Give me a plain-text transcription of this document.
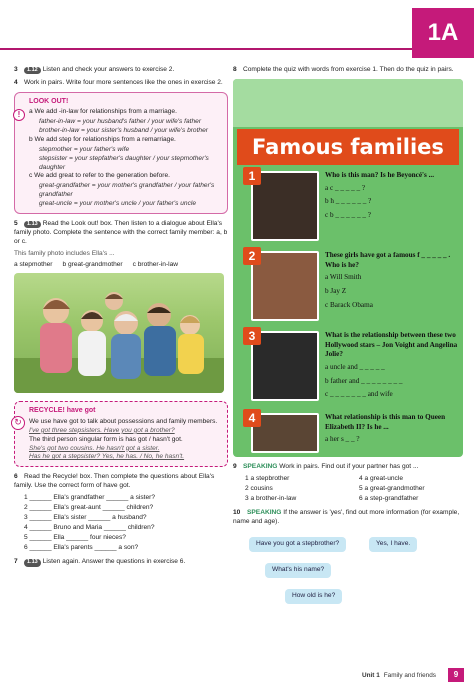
1A
3 1.12 Listen and check your answers to exercise 2.
4 Work in pairs. Write four more sentences like the ones in exercise 2.
!
LOOK OUT!
a We add -in-law for relationships from a marriage.
father-in-law = your husband's father / your wife's father
brother-in-law = your sister's husband / your wife's brother
b We add step for relationships from a remarriage.
stepmother = your father's wife
stepsister = your stepfather's daughter / your stepmother's daughter
c We add great to refer to the generation before.
great-grandfather = your mother's grandfather / your father's grandfather
great-uncle = your mother's uncle / your father's uncle
5 1.13 Read the Look out! box. Then listen to a dialogue about Ella's family photo. Complete the sentence with the correct family member: a, b or c.
This family photo includes Ella's ...
a stepmother b great-grandmother c brother-in-law
↻
RECYCLE! have got
We use have got to talk about possessions and family members.
I've got three stepsisters. Have you got a brother?
The third person singular form is has got / hasn't got.
She's got two cousins. He hasn't got a sister.
Has he got a stepsister? Yes, he has. / No, he hasn't.
6 Read the Recycle! box. Then complete the questions about Ella's family. Use the correct form of have got.
1 ______ Ella's grandfather ______ a sister?
2 ______ Ella's great-aunt ______ children?
3 ______ Ella's sister ______ a husband?
4 ______ Bruno and Maria ______ children?
5 ______ Ella ______ four nieces?
6 ______ Ella's parents ______ a son?
7 1.13 Listen again. Answer the questions in exercise 6.
8 Complete the quiz with words from exercise 1. Then do the quiz in pairs.
Famous families
1	Who is this man? Is he Beyoncé's ...
a c _ _ _ _ _ ?
b h _ _ _ _ _ _ ?
c b _ _ _ _ _ _ ?
2	These girls have got a famous f _ _ _ _ _ . Who is he?
a Will Smith
b Jay Z
c Barack Obama
3	What is the relationship between these two Hollywood stars – Jon Voight and Angelina Jolie?
a uncle and _ _ _ _ _
b father and _ _ _ _ _ _ _ _
c _ _ _ _ _ _ _ and wife
4	What relationship is this man to Queen Elizabeth II? Is he ...
a her s _ _ ?
9 SPEAKING Work in pairs. Find out if your partner has got ...
1 a stepbrother	4 a great-uncle
2 cousins	5 a great-grandmother
3 a brother-in-law	6 a step-grandfather
10 SPEAKING If the answer is 'yes', find out more information (for example, name and age).
Have you got a stepbrother?	Yes, I have.
What's his name?
How old is he?
Unit 1 Family and friends	9
